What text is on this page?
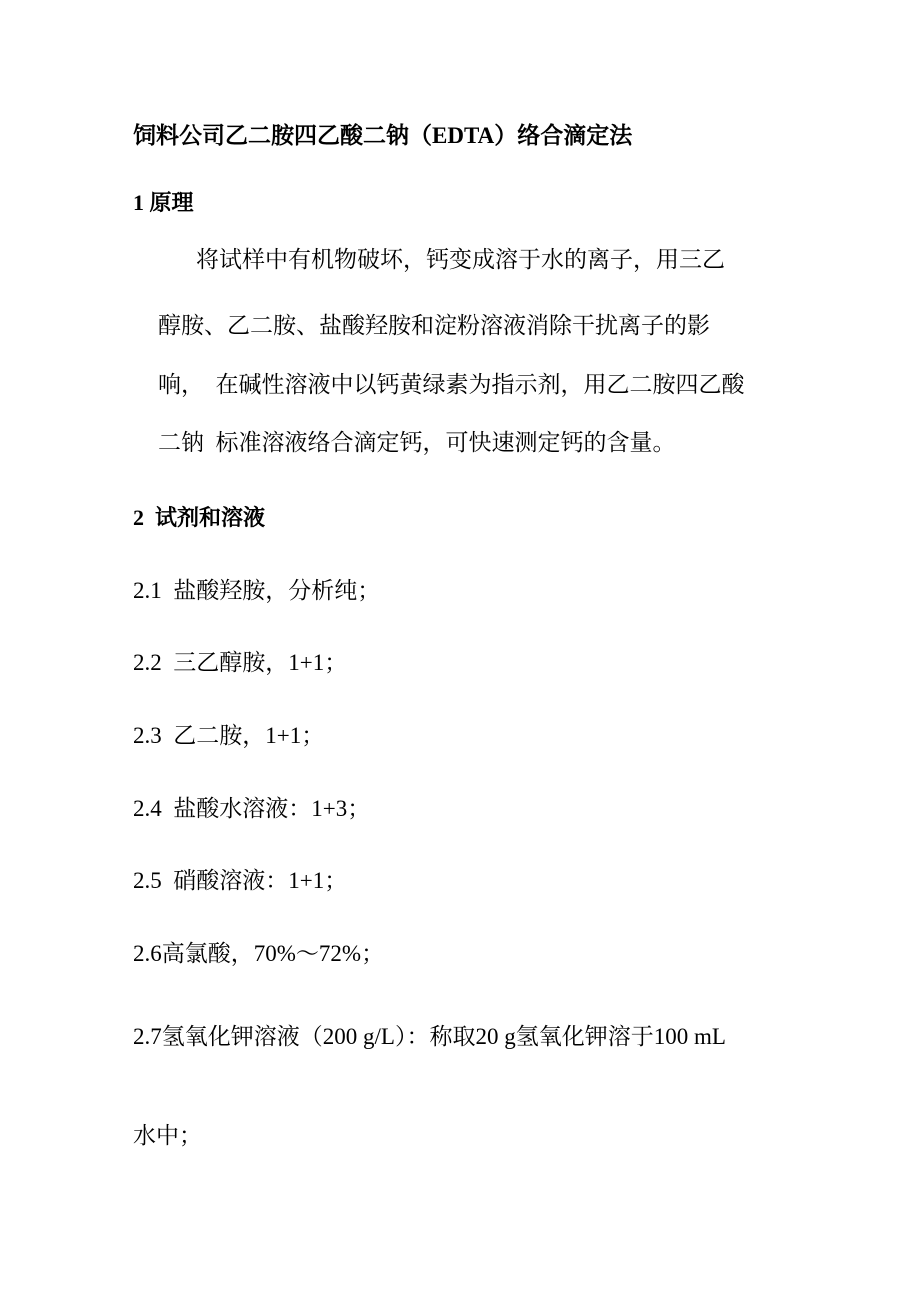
饲料公司乙二胺四乙酸二钠（EDTA）络合滴定法
1 原理
将试样中有机物破坏，钙变成溶于水的离子，用三乙
醇胺、乙二胺、盐酸羟胺和淀粉溶液消除干扰离子的影
响，  在碱性溶液中以钙黄绿素为指示剂，用乙二胺四乙酸
二钠  标准溶液络合滴定钙，可快速测定钙的含量。
2  试剂和溶液
2.1  盐酸羟胺，分析纯；
2.2  三乙醇胺，1+1；
2.3  乙二胺，1+1；
2.4  盐酸水溶液：1+3；
2.5  硝酸溶液：1+1；
2.6高氯酸，70%〜72%；
2.7氢氧化钾溶液（200 g/L）：称取20 g氢氧化钾溶于100 mL
水中；
